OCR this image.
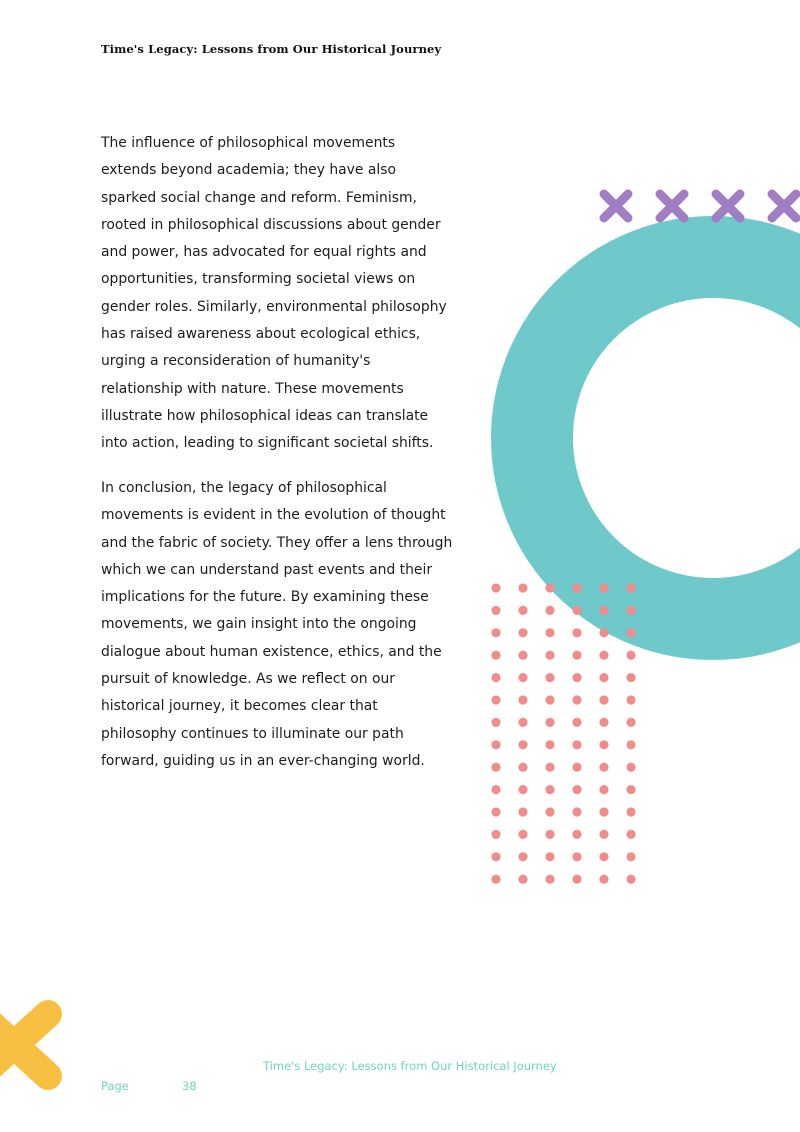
Time's Legacy: Lessons from Our Historical Journey

The influence of philosophical movements extends beyond academia; they have also sparked social change and reform. Feminism, rooted in philosophical discussions about gender and power, has advocated for equal rights and opportunities, transforming societal views on gender roles. Similarly, environmental philosophy has raised awareness about ecological ethics, urging a reconsideration of humanity's relationship with nature. These movements illustrate how philosophical ideas can translate into action, leading to significant societal shifts.

In conclusion, the legacy of philosophical movements is evident in the evolution of thought and the fabric of society. They offer a lens through which we can understand past events and their implications for the future. By examining these movements, we gain insight into the ongoing dialogue about human existence, ethics, and the pursuit of knowledge. As we reflect on our historical journey, it becomes clear that philosophy continues to illuminate our path forward, guiding us in an ever-changing world.

Time's Legacy: Lessons from Our Historical Journey
Page	38
